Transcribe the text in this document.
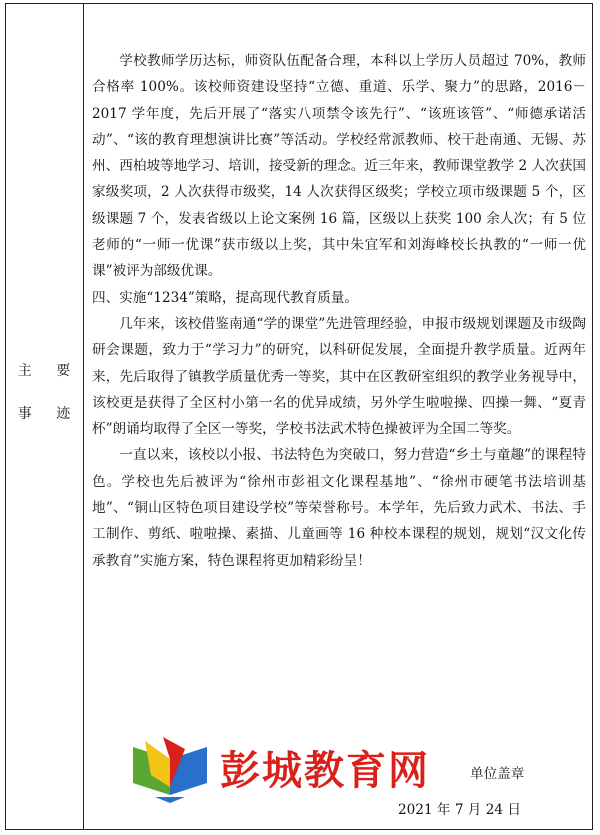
主 要
事 迹

学校教师学历达标，师资队伍配备合理，本科以上学历人员超过 70%，教师合格率 100%。该校师资建设坚持“立德、重道、乐学、聚力”的思路，2016－2017 学年度，先后开展了“落实八项禁令该先行”、“该班该管”、“师德承诺活动”、“该的教育理想演讲比赛”等活动。学校经常派教师、校干赴南通、无锡、苏州、西柏坡等地学习、培训，接受新的理念。近三年来，教师课堂教学 2 人次获国家级奖项，2 人次获得市级奖，14 人次获得区级奖；学校立项市级课题 5 个，区级课题 7 个，发表省级以上论文案例 16 篇，区级以上获奖 100 余人次；有 5 位老师的“一师一优课”获市级以上奖，其中朱宜军和刘海峰校长执教的“一师一优课”被评为部级优课。

四、实施“1234”策略，提高现代教育质量。

几年来，该校借鉴南通“学的课堂”先进管理经验，申报市级规划课题及市级陶研会课题，致力于“学习力”的研究，以科研促发展，全面提升教学质量。近两年来，先后取得了镇教学质量优秀一等奖，其中在区教研室组织的教学业务视导中，该校更是获得了全区村小第一名的优异成绩，另外学生啦啦操、四操一舞、“夏青杯”朗诵均取得了全区一等奖，学校书法武术特色操被评为全国二等奖。

一直以来，该校以小报、书法特色为突破口，努力营造“乡土与童趣”的课程特色。学校也先后被评为“徐州市彭祖文化课程基地”、“徐州市硬笔书法培训基地”、“铜山区特色项目建设学校”等荣誉称号。本学年，先后致力武术、书法、手工制作、剪纸、啦啦操、素描、儿童画等 16 种校本课程的规划，规划“汉文化传承教育”实施方案，特色课程将更加精彩纷呈！

单位盖章
2021 年 7 月 24 日
彭城教育网
